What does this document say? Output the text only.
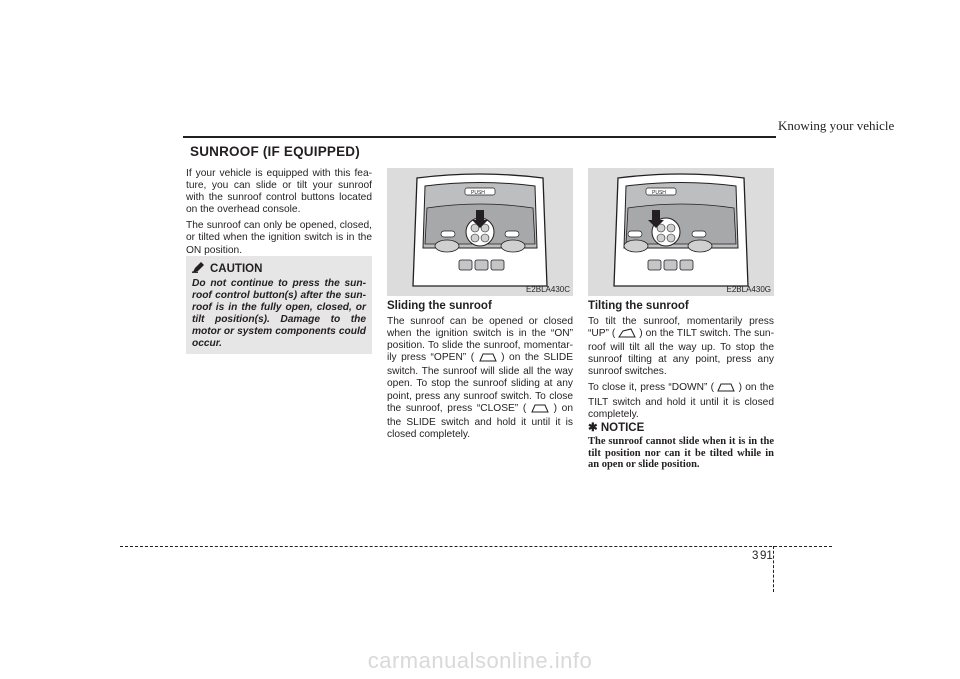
Knowing your vehicle
SUNROOF (IF EQUIPPED)

If your vehicle is equipped with this fea- ture, you can slide or tilt your sunroof with the sunroof control buttons located on the overhead console.

The sunroof can only be opened, closed, or tilted when the ignition switch is in the ON position.

CAUTION

Do not continue to press the sun- roof control button(s) after the sun- roof is in the fully open, closed, or tilt position(s). Damage to the motor or system components could occur.

PUSH
E2BLA430C
PUSH
E2BLA430G
Sliding the sunroof

The sunroof can be opened or closed when the ignition switch is in the “ON” position. To slide the sunroof, momentar- ily press “OPEN” (	) on the SLIDE switch. The sunroof will slide all the way open. To stop the sunroof sliding at any point, press any sunroof switch. To close the sunroof, press “CLOSE” (	) on the SLIDE switch and hold it until it is closed completely.

Tilting the sunroof

To tilt the sunroof, momentarily press “UP” ( ) on the TILT switch. The sun- roof will tilt all the way up. To stop the sunroof tilting at any point, press any sunroof switches.

To close it, press “DOWN” ( ) on the TILT switch and hold it until it is closed completely.

✱ NOTICE
The sunroof cannot slide when it is in the tilt position nor can it be tilted while in an open or slide position.
3 91
carmanualsonline.info
